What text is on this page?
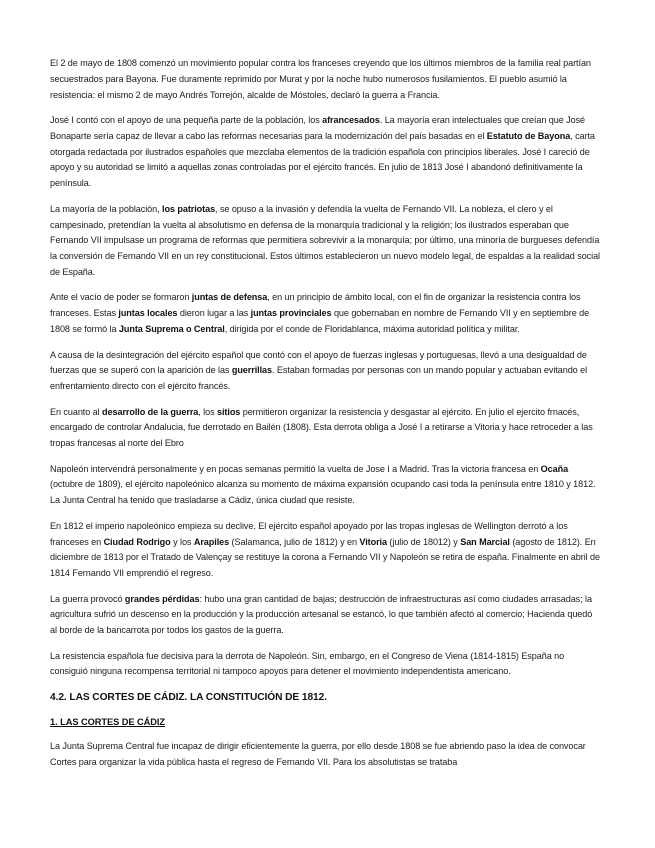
El 2 de mayo de 1808 comenzó un movimiento popular contra los franceses creyendo que los últimos miembros de la familia real partían secuestrados para Bayona. Fue duramente reprimido por Murat y por la noche hubo numerosos fusilamientos. El pueblo asumió la resistencia: el mismo 2 de mayo Andrés Torrejón, alcalde de Móstoles, declaró la guerra a Francia.
José I contó con el apoyo de una pequeña parte de la población, los afrancesados. La mayoría eran intelectuales que creían que José Bonaparte sería capaz de llevar a cabo las reformas necesarias para la modernización del país basadas en el Estatuto de Bayona, carta otorgada redactada por ilustrados españoles que mezclaba elementos de la tradición española con principios liberales. José I careció de apoyo y su autoridad se limitó a aquellas zonas controladas por el ejército francés. En julio de 1813 José I abandonó definitivamente la península.
La mayoría de la población, los patriotas, se opuso a la invasión y defendía la vuelta de Fernando VII. La nobleza, el clero y el campesinado, pretendían la vuelta al absolutismo en defensa de la monarquía tradicional y la religión; los ilustrados esperaban que Fernando VII impulsase un programa de reformas que permitiera sobrevivir a la monarquía; por último, una minoría de burgueses defendía la conversión de Fernando VII en un rey constitucional. Estos últimos establecieron un nuevo modelo legal, de espaldas a la realidad social de España.
Ante el vacío de poder se formaron juntas de defensa, en un principio de ámbito local, con el fin de organizar la resistencia contra los franceses. Estas juntas locales dieron lugar a las juntas provinciales que gobernaban en nombre de Fernando VII y en septiembre de 1808 se formó la Junta Suprema o Central, dirigida por el conde de Floridablanca, máxima autoridad política y militar.
A causa de la desintegración del ejército español que contó con el apoyo de fuerzas inglesas y portuguesas, llevó a una desigualdad de fuerzas que se superó con la aparición de las guerrillas. Estaban formadas por personas con un mando popular y actuaban evitando el enfrentamiento directo con el ejército francés.
En cuanto al desarrollo de la guerra, los sitios permitieron organizar la resistencia y desgastar al ejército. En julio el ejercito frnacés, encargado de controlar Andalucia, fue derrotado en Bailén (1808). Esta derrota obliga a José I a retirarse a Vitoria y hace retroceder a las tropas francesas al norte del Ebro
Napoleón intervendrá personalmente y en pocas semanas permitió la vuelta de Jose I a Madrid. Tras la victoria francesa en Ocaña (octubre de 1809), el ejército napoleónico alcanza su momento de máxima expansión ocupando casi toda la península entre 1810 y 1812. La Junta Central ha tenido que trasladarse a Cádiz, única ciudad que resiste.
En 1812 el imperio napoleónico empieza su declive. El ejército español apoyado por las tropas inglesas de Wellington derrotó a los franceses en Ciudad Rodrigo y los Arapiles (Salamanca, julio de 1812) y en Vitoria (julio de 18012) y San Marcial (agosto de 1812). En diciembre de 1813 por el Tratado de Valençay se restituye la corona a Fernando VII y Napoleón se retira de españa. Finalmente en abril de 1814 Fernando VII emprendió el regreso.
La guerra provocó grandes pérdidas: hubo una gran cantidad de bajas; destrucción de infraestructuras así como ciudades arrasadas; la agricultura sufrió un descenso en la producción y la producción artesanal se estancó, lo que también afectó al comercio; Hacienda quedó al borde de la bancarrota por todos los gastos de la guerra.
La resistencia española fue decisiva para la derrota de Napoleón. Sin, embargo, en el Congreso de Viena (1814-1815) España no consiguió ninguna recompensa territorial ni tampoco apoyos para detener el movimiento independentista americano.
4.2. LAS CORTES DE CÁDIZ. LA CONSTITUCIÓN DE 1812.
1. LAS CORTES DE CÁDIZ
La Junta Suprema Central fue incapaz de dirigir eficientemente la guerra, por ello desde 1808 se fue abriendo paso la idea de convocar Cortes para organizar la vida pública hasta el regreso de Fernando VII. Para los absolutistas se trataba
